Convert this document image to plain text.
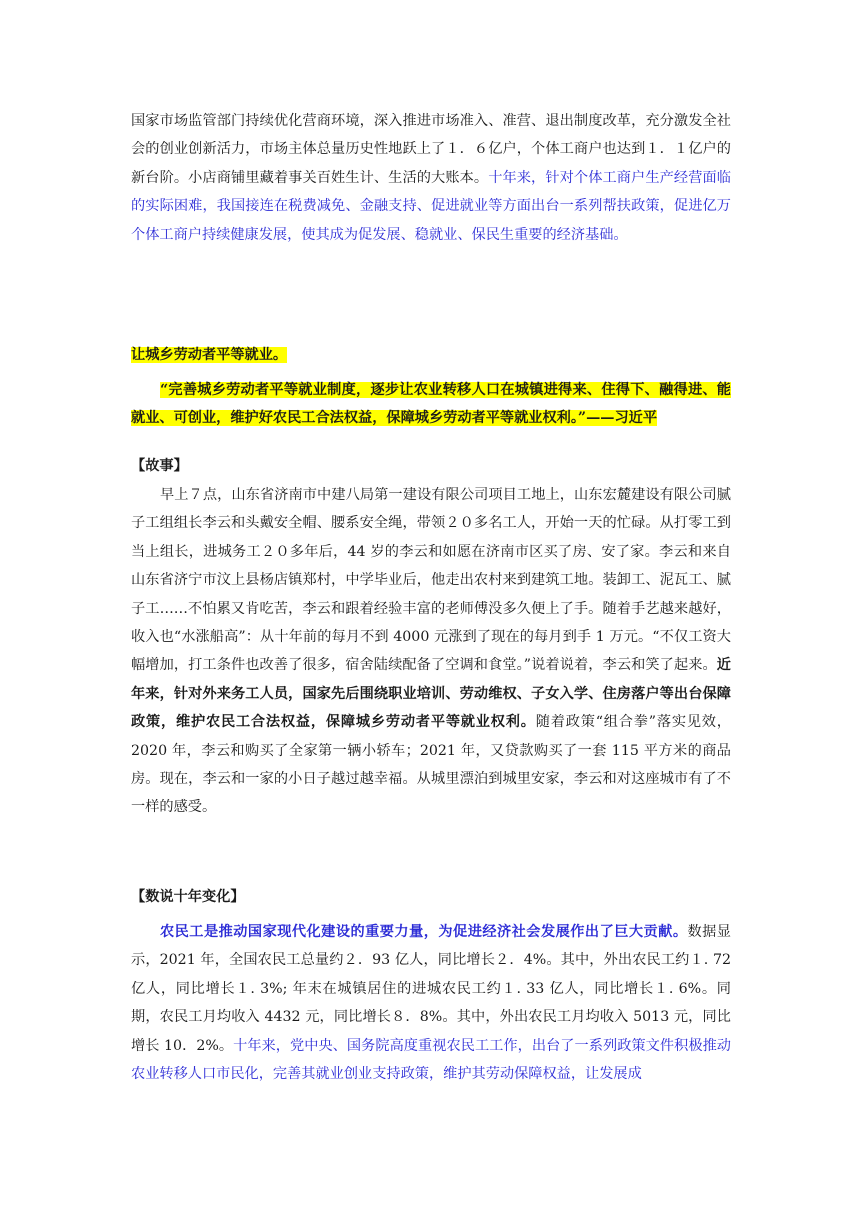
国家市场监管部门持续优化营商环境，深入推进市场准入、准营、退出制度改革，充分激发全社会的创业创新活力，市场主体总量历史性地跃上了１．６亿户，个体工商户也达到１．１亿户的新台阶。小店商铺里藏着事关百姓生计、生活的大账本。十年来，针对个体工商户生产经营面临的实际困难，我国接连在税费减免、金融支持、促进就业等方面出台一系列帮扶政策，促进亿万个体工商户持续健康发展，使其成为促发展、稳就业、保民生重要的经济基础。

让城乡劳动者平等就业。

“完善城乡劳动者平等就业制度，逐步让农业转移人口在城镇进得来、住得下、融得进、能就业、可创业，维护好农民工合法权益，保障城乡劳动者平等就业权利。”——习近平

【故事】

早上７点，山东省济南市中建八局第一建设有限公司项目工地上，山东宏麓建设有限公司腻子工组组长李云和头戴安全帽、腰系安全绳，带领２０多名工人，开始一天的忙碌。从打零工到当上组长，进城务工２０多年后，44 岁的李云和如愿在济南市区买了房、安了家。李云和来自山东省济宁市汶上县杨店镇郑村，中学毕业后，他走出农村来到建筑工地。装卸工、泥瓦工、腻子工……不怕累又肯吃苦，李云和跟着经验丰富的老师傅没多久便上了手。随着手艺越来越好，收入也“水涨船高”：从十年前的每月不到 4000 元涨到了现在的每月到手 1 万元。“不仅工资大幅增加，打工条件也改善了很多，宿舍陆续配备了空调和食堂。”说着说着，李云和笑了起来。近年来，针对外来务工人员，国家先后围绕职业培训、劳动维权、子女入学、住房落户等出台保障政策，维护农民工合法权益，保障城乡劳动者平等就业权利。随着政策“组合拳”落实见效，2020 年，李云和购买了全家第一辆小轿车；2021 年，又贷款购买了一套 115 平方米的商品房。现在，李云和一家的小日子越过越幸福。从城里漂泊到城里安家，李云和对这座城市有了不一样的感受。

【数说十年变化】

农民工是推动国家现代化建设的重要力量，为促进经济社会发展作出了巨大贡献。数据显示，2021 年，全国农民工总量约２．93 亿人，同比增长２．4%。其中，外出农民工约１. 72 亿人，同比增长１. 3%; 年末在城镇居住的进城农民工约１. 33 亿人，同比增长１. 6%。同期，农民工月均收入 4432 元，同比增长８．8%。其中，外出农民工月均收入 5013 元，同比增长 10．2%。十年来，党中央、国务院高度重视农民工工作，出台了一系列政策文件积极推动农业转移人口市民化，完善其就业创业支持政策，维护其劳动保障权益，让发展成
